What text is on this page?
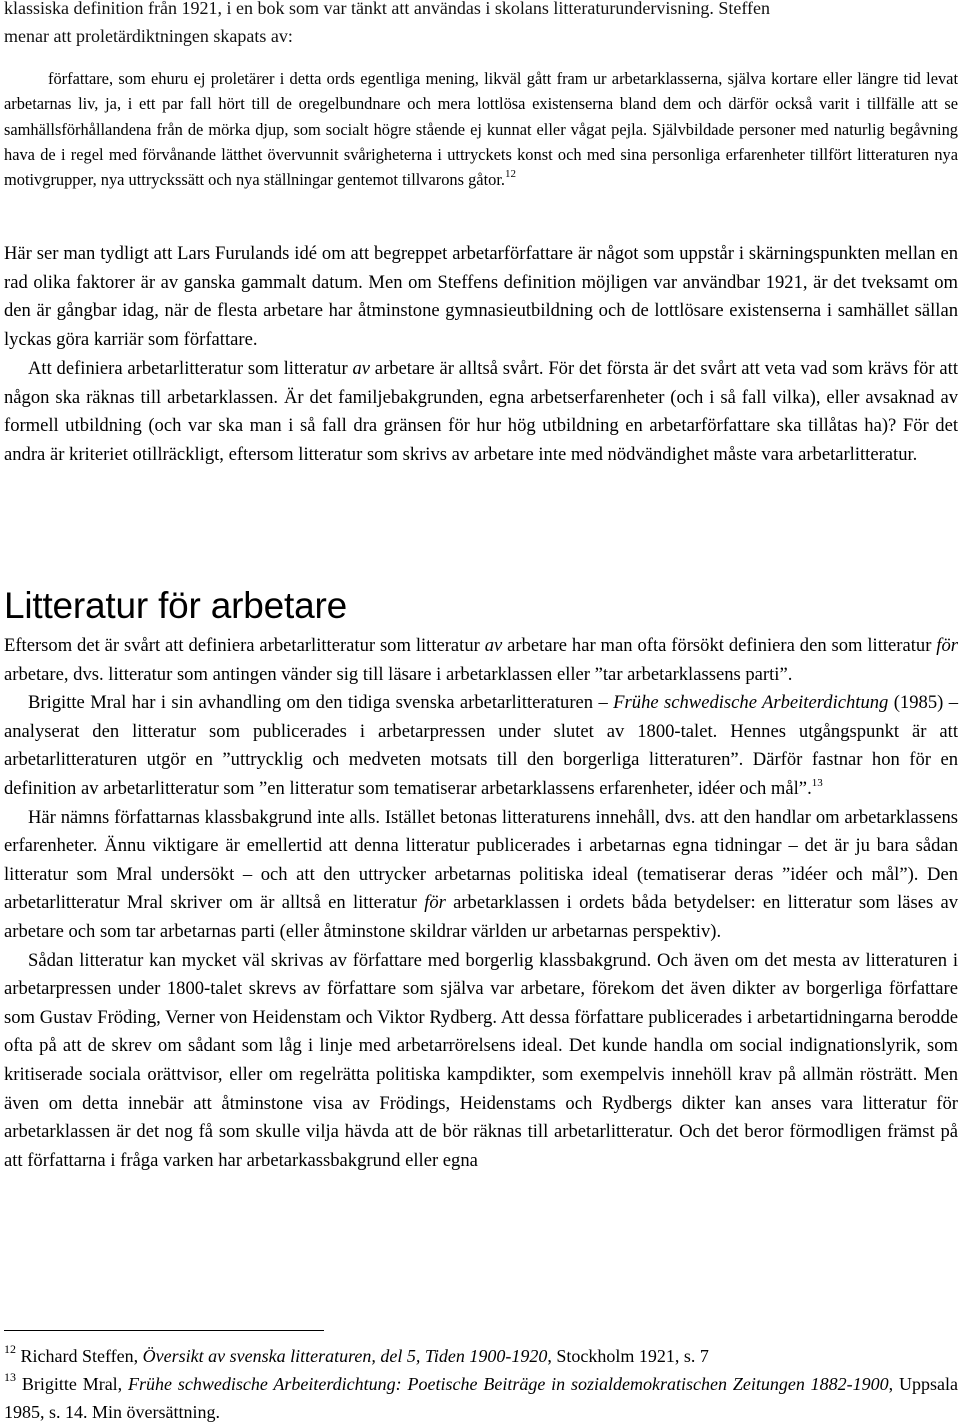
klassiska definition från 1921, i en bok som var tänkt att användas i skolans litteraturundervisning. Steffen
menar att proletärdiktningen skapats av:

författare, som ehuru ej proletärer i detta ords egentliga mening, likväl gått fram ur arbetarklasserna, själva kortare eller längre tid levat arbetarnas liv, ja, i ett par fall hört till de oregelbundnare och mera lottlösa existenserna bland dem och därför också varit i tillfälle att se samhällsförhållandena från de mörka djup, som socialt högre stående ej kunnat eller vågat pejla. Självbildade personer med naturlig begåvning hava de i regel med förvånande lätthet övervunnit svårigheterna i uttryckets konst och med sina personliga erfarenheter tillfört litteraturen nya motivgrupper, nya uttryckssätt och nya ställningar gentemot tillvarons gåtor.$^{12}$

Här ser man tydligt att Lars Furulands idé om att begreppet arbetarförfattare är något som uppstår i skärningspunkten mellan en rad olika faktorer är av ganska gammalt datum. Men om Steffens definition möjligen var användbar 1921, är det tveksamt om den är gångbar idag, när de flesta arbetare har åtminstone gymnasieutbildning och de lottlösare existenserna i samhället sällan lyckas göra karriär som författare.

Att definiera arbetarlitteratur som litteratur av arbetare är alltså svårt. För det första är det svårt att veta vad som krävs för att någon ska räknas till arbetarklassen. Är det familjebakgrunden, egna arbetserfarenheter (och i så fall vilka), eller avsaknad av formell utbildning (och var ska man i så fall dra gränsen för hur hög utbildning en arbetarförfattare ska tillåtas ha)? För det andra är kriteriet otillräckligt, eftersom litteratur som skrivs av arbetare inte med nödvändighet måste vara arbetarlitteratur.

Litteratur för arbetare

Eftersom det är svårt att definiera arbetarlitteratur som litteratur av arbetare har man ofta försökt definiera den som litteratur för arbetare, dvs. litteratur som antingen vänder sig till läsare i arbetarklassen eller ”tar arbetarklassens parti”.

Brigitte Mral har i sin avhandling om den tidiga svenska arbetarlitteraturen – Frühe schwedische Arbeiterdichtung (1985) – analyserat den litteratur som publicerades i arbetarpressen under slutet av 1800-talet. Hennes utgångspunkt är att arbetarlitteraturen utgör en ”uttrycklig och medveten motsats till den borgerliga litteraturen”. Därför fastnar hon för en definition av arbetarlitteratur som ”en litteratur som tematiserar arbetarklassens erfarenheter, idéer och mål”.$^{13}$

Här nämns författarnas klassbakgrund inte alls. Istället betonas litteraturens innehåll, dvs. att den handlar om arbetarklassens erfarenheter. Ännu viktigare är emellertid att denna litteratur publicerades i arbetarnas egna tidningar – det är ju bara sådan litteratur som Mral undersökt – och att den uttrycker arbetarnas politiska ideal (tematiserar deras ”idéer och mål”). Den arbetarlitteratur Mral skriver om är alltså en litteratur för arbetarklassen i ordets båda betydelser: en litteratur som läses av arbetare och som tar arbetarnas parti (eller åtminstone skildrar världen ur arbetarnas perspektiv).

Sådan litteratur kan mycket väl skrivas av författare med borgerlig klassbakgrund. Och även om det mesta av litteraturen i arbetarpressen under 1800-talet skrevs av författare som själva var arbetare, förekom det även dikter av borgerliga författare som Gustav Fröding, Verner von Heidenstam och Viktor Rydberg. Att dessa författare publicerades i arbetartidningarna berodde ofta på att de skrev om sådant som låg i linje med arbetarrörelsens ideal. Det kunde handla om social indignationslyrik, som kritiserade sociala orättvisor, eller om regelrätta politiska kampdikter, som exempelvis innehöll krav på allmän rösträtt. Men även om detta innebär att åtminstone visa av Frödings, Heidenstams och Rydbergs dikter kan anses vara litteratur för arbetarklassen är det nog få som skulle vilja hävda att de bör räknas till arbetarlitteratur. Och det beror förmodligen främst på att författarna i fråga varken har arbetarkassbakgrund eller egna

$^{12}$ Richard Steffen, Översikt av svenska litteraturen, del 5, Tiden 1900-1920, Stockholm 1921, s. 7

$^{13}$ Brigitte Mral, Frühe schwedische Arbeiterdichtung: Poetische Beiträge in sozialdemokratischen Zeitungen 1882-1900, Uppsala 1985, s. 14. Min översättning.
